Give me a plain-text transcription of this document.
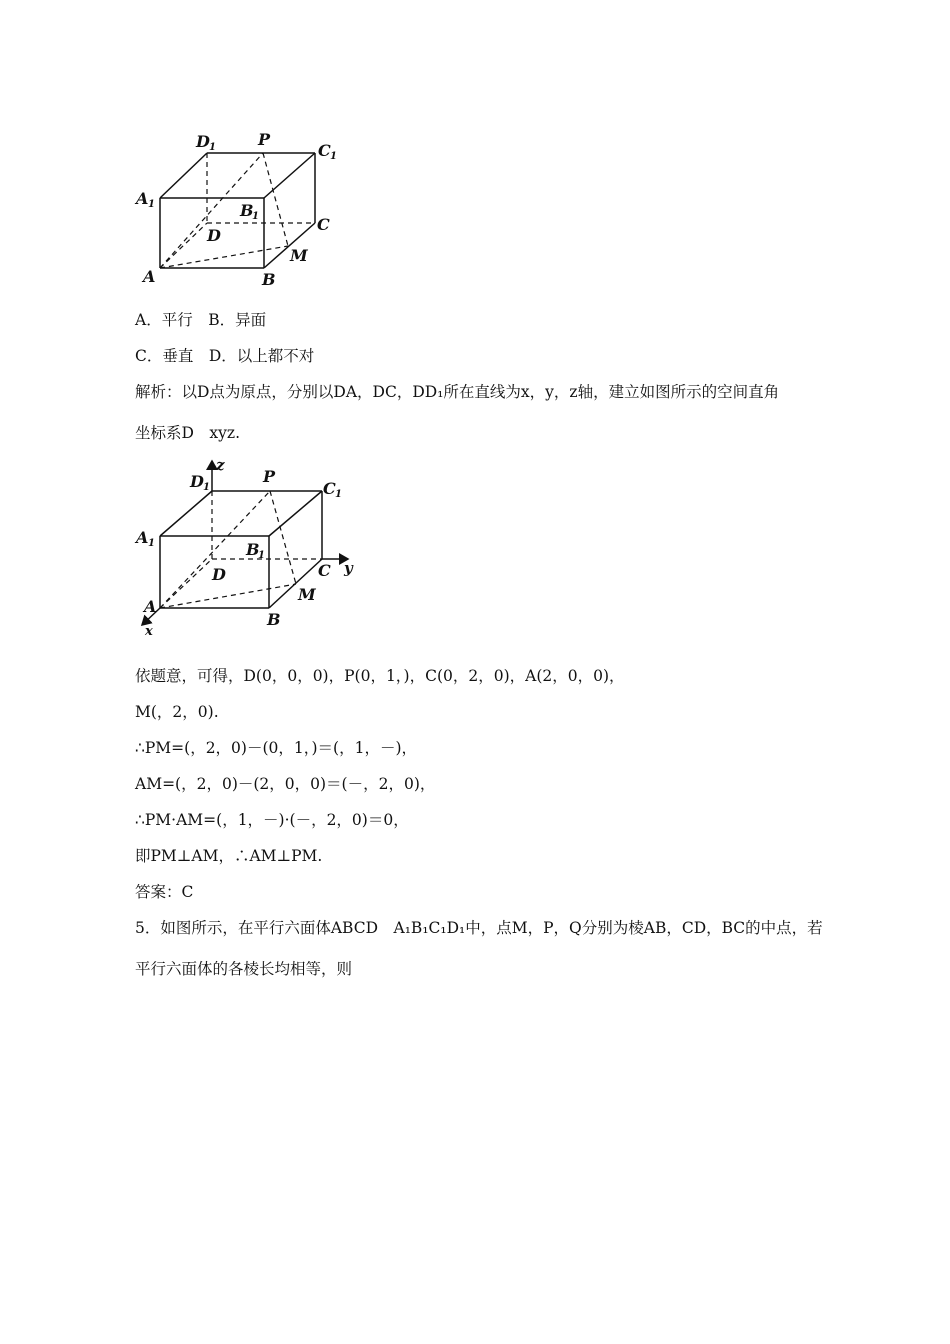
D 1	P
C 1
A 1	B
1
D
C
M
A	B
A．平行　B．异面
C．垂直　D．以上都不对
解析：以D点为原点，分别以DA，DC，DD₁所在直线为x，y，z轴，建立如图所示的空间直角
坐标系D　xyz.
z
y
x
D 1
P
C 1
A 1	B
1
D	C
M
A
B
依题意，可得，D(0，0，0)，P(0，1，)，C(0，2，0)，A(2，0，0)，
M(，2，0).
∴PM=(，2，0)－(0，1，)＝(，1，－)，
AM=(，2，0)－(2，0，0)＝(－，2，0)，
∴PM·AM=(，1，－)·(－，2，0)＝0，
即PM⊥AM，∴AM⊥PM.
答案：C
5．如图所示，在平行六面体ABCD　A₁B₁C₁D₁中，点M，P，Q分别为棱AB，CD，BC的中点，若
平行六面体的各棱长均相等，则
